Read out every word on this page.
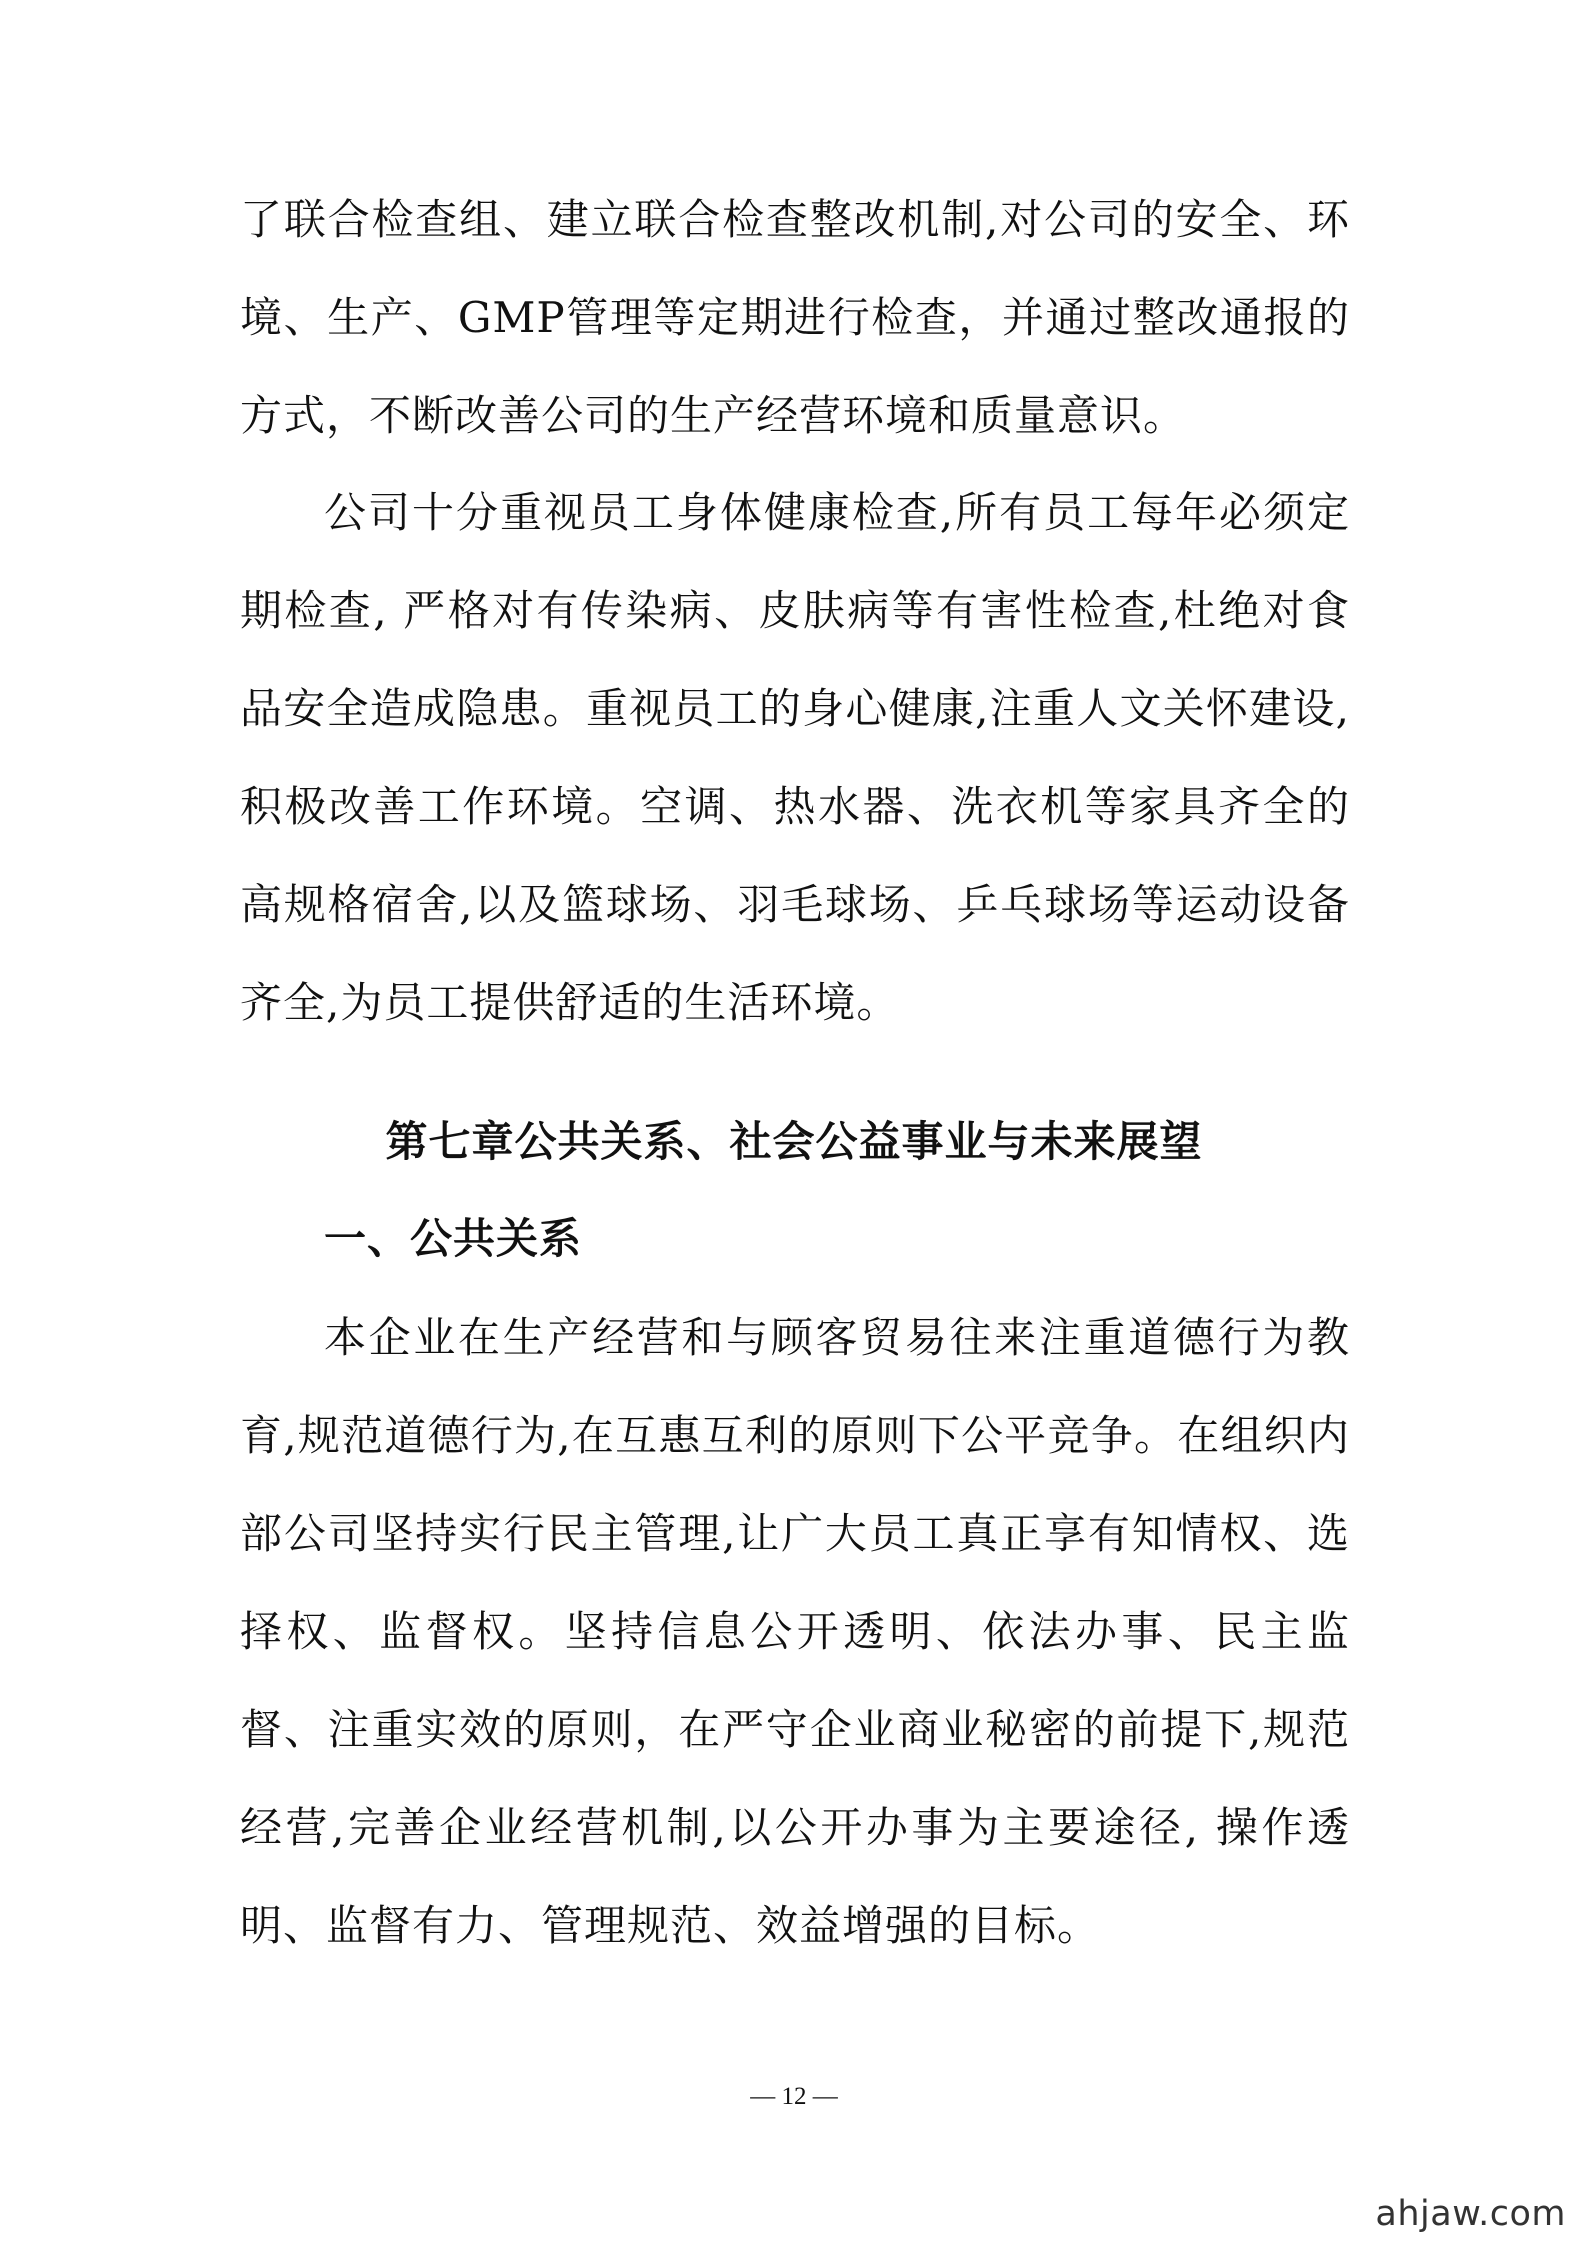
了联合检查组、建立联合检查整改机制,对公司的安全、环境、生产、GMP管理等定期进行检查，并通过整改通报的方式，不断改善公司的生产经营环境和质量意识。

公司十分重视员工身体健康检查,所有员工每年必须定期检查, 严格对有传染病、皮肤病等有害性检查,杜绝对食品安全造成隐患。重视员工的身心健康,注重人文关怀建设,积极改善工作环境。空调、热水器、洗衣机等家具齐全的高规格宿舍,以及篮球场、羽毛球场、乒乓球场等运动设备齐全,为员工提供舒适的生活环境。

第七章公共关系、社会公益事业与未来展望
一、公共关系

本企业在生产经营和与顾客贸易往来注重道德行为教育,规范道德行为,在互惠互利的原则下公平竞争。在组织内部公司坚持实行民主管理,让广大员工真正享有知情权、选择权、监督权。坚持信息公开透明、依法办事、民主监督、注重实效的原则，在严守企业商业秘密的前提下,规范经营,完善企业经营机制,以公开办事为主要途径, 操作透明、监督有力、管理规范、效益增强的目标。

— 12 —
ahjaw.com
